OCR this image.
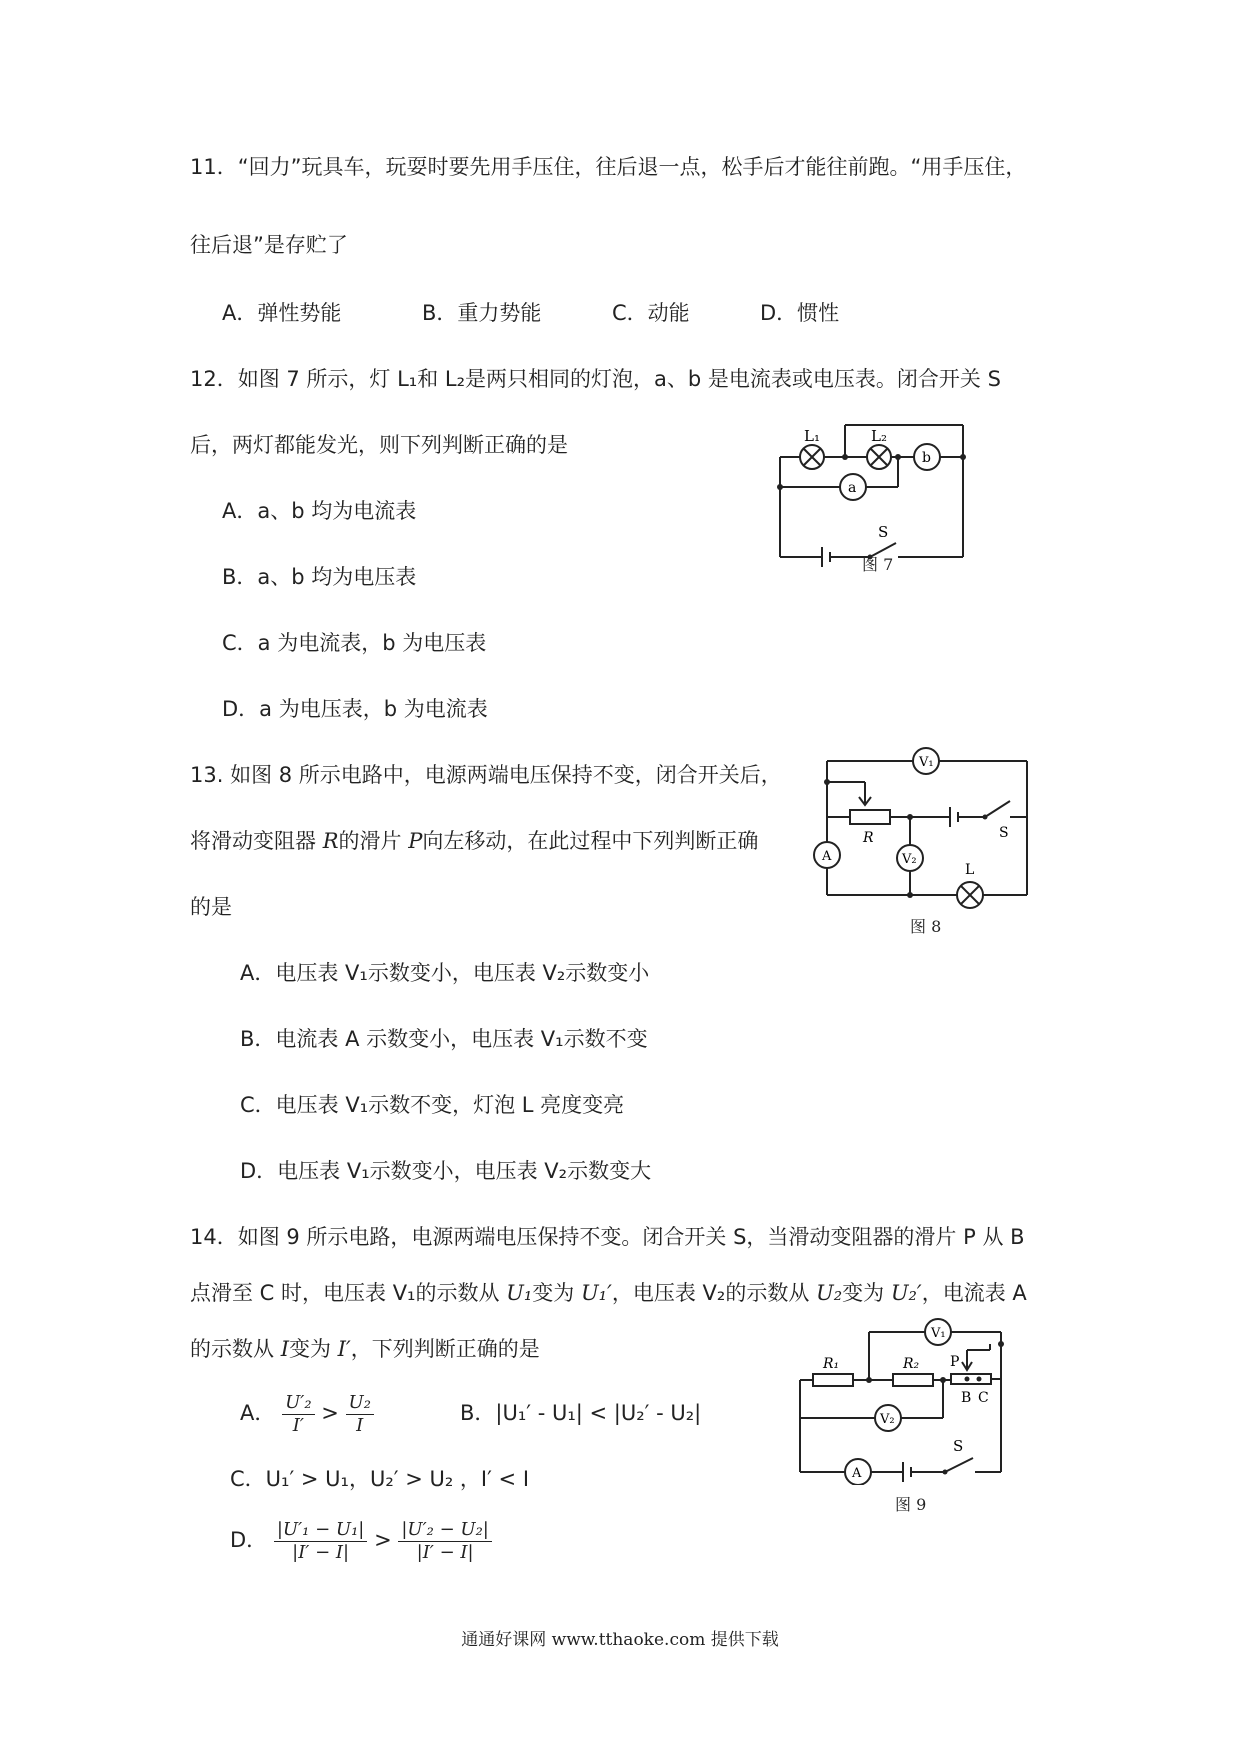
11．“回力”玩具车，玩耍时要先用手压住，往后退一点，松手后才能往前跑。“用手压住，
往后退”是存贮了
A．弹性势能	B．重力势能	C．动能	D．惯性
12．如图 7 所示，灯 L₁和 L₂是两只相同的灯泡，a、b 是电流表或电压表。闭合开关 S
后，两灯都能发光，则下列判断正确的是
A．a、b 均为电流表
B．a、b 均为电压表
C．a 为电流表，b 为电压表
D．a 为电压表，b 为电流表
L₁	L₂
a
b
S
图 7
13. 如图 8 所示电路中，电源两端电压保持不变，闭合开关后，
将滑动变阻器 R的滑片 P向左移动，在此过程中下列判断正确
的是
A．电压表 V₁示数变小，电压表 V₂示数变小
B．电流表 A 示数变小，电压表 V₁示数不变
C．电压表 V₁示数不变，灯泡 L 亮度变亮
D．电压表 V₁示数变小，电压表 V₂示数变大
V₁
V₂
A
R	S
L
图 8
14．如图 9 所示电路，电源两端电压保持不变。闭合开关 S，当滑动变阻器的滑片 P 从 B
点滑至 C 时，电压表 V₁的示数从 U₁变为 U₁′，电压表 V₂的示数从 U₂变为 U₂′，电流表 A
的示数从 I变为 I′，下列判断正确的是
A． $\frac{\text{U′₂}}{I'} > \frac{\text{U₂}}{I}$	B．|U₁′ - U₁| < |U₂′ - U₂|
C．U₁′ > U₁，U₂′ > U₂ ，I′ < I
D． $\frac{\text{|U′₁ − U₁|}}{|I' - I|} > \frac{\text{|U′₂ − U₂|}}{|I' - I|}$
V₁
V₂
A
R₁	R₂ P
B C
S
图 9
通通好课网 www.tthaoke.com 提供下载
